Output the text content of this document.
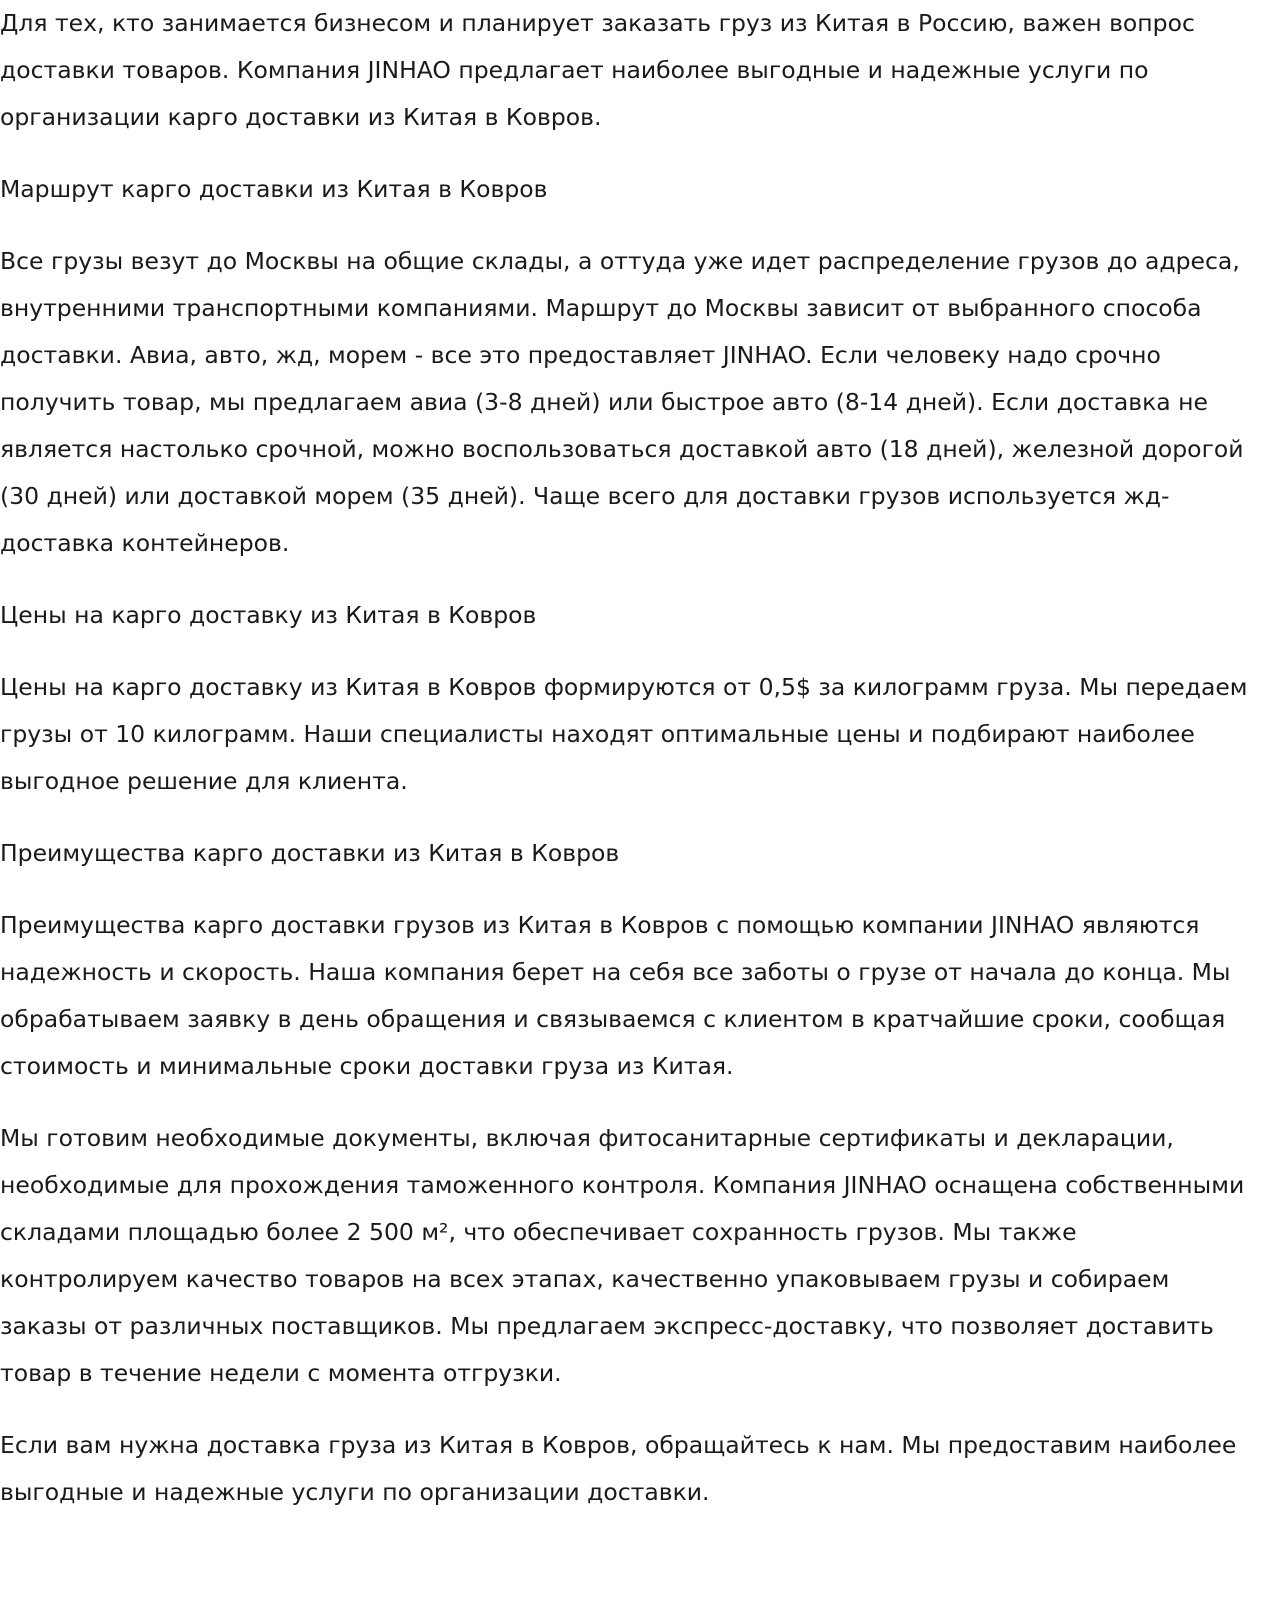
Для тех, кто занимается бизнесом и планирует заказать груз из Китая в Россию, важен вопрос доставки товаров. Компания JINHAO предлагает наиболее выгодные и надежные услуги по организации карго доставки из Китая в Ковров.

Маршрут карго доставки из Китая в Ковров

Все грузы везут до Москвы на общие склады, а оттуда уже идет распределение грузов до адреса, внутренними транспортными компаниями. Маршрут до Москвы зависит от выбранного способа доставки. Авиа, авто, жд, морем - все это предоставляет JINHAO. Если человеку надо срочно получить товар, мы предлагаем авиа (3-8 дней) или быстрое авто (8-14 дней). Если доставка не является настолько срочной, можно воспользоваться доставкой авто (18 дней), железной дорогой (30 дней) или доставкой морем (35 дней). Чаще всего для доставки грузов используется жд-доставка контейнеров.

Цены на карго доставку из Китая в Ковров

Цены на карго доставку из Китая в Ковров формируются от 0,5$ за килограмм груза. Мы передаем грузы от 10 килограмм. Наши специалисты находят оптимальные цены и подбирают наиболее выгодное решение для клиента.

Преимущества карго доставки из Китая в Ковров

Преимущества карго доставки грузов из Китая в Ковров с помощью компании JINHAO являются надежность и скорость. Наша компания берет на себя все заботы о грузе от начала до конца. Мы обрабатываем заявку в день обращения и связываемся с клиентом в кратчайшие сроки, сообщая стоимость и минимальные сроки доставки груза из Китая.

Мы готовим необходимые документы, включая фитосанитарные сертификаты и декларации, необходимые для прохождения таможенного контроля. Компания JINHAO оснащена собственными складами площадью более 2 500 м², что обеспечивает сохранность грузов. Мы также контролируем качество товаров на всех этапах, качественно упаковываем грузы и собираем заказы от различных поставщиков. Мы предлагаем экспресс-доставку, что позволяет доставить товар в течение недели с момента отгрузки.

Если вам нужна доставка груза из Китая в Ковров, обращайтесь к нам. Мы предоставим наиболее выгодные и надежные услуги по организации доставки.
